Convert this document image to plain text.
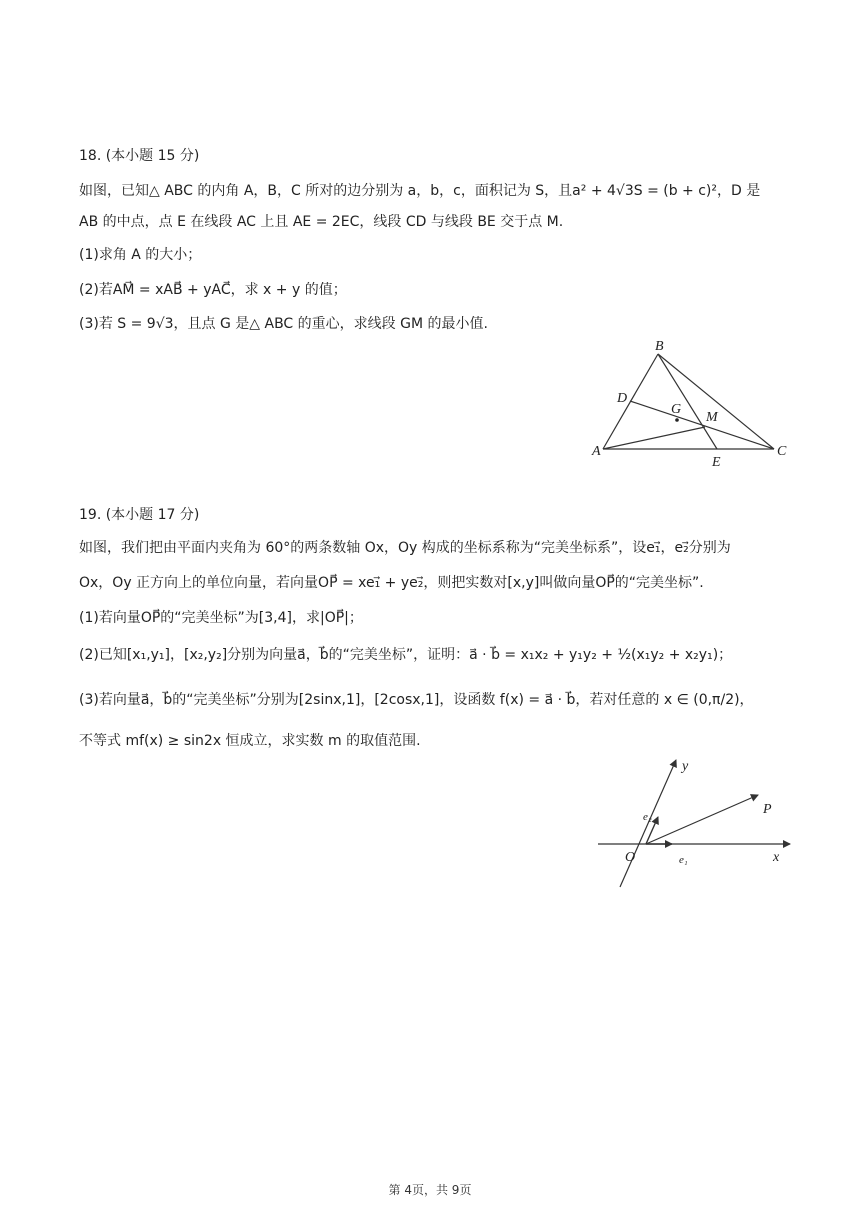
18. (本小题 15 分)
如图，已知△ ABC 的内角 A，B，C 所对的边分别为 a，b，c，面积记为 S，且a² + 4√3S = (b + c)²，D 是
AB 的中点，点 E 在线段 AC 上且 AE = 2EC，线段 CD 与线段 BE 交于点 M.
(1)求角 A 的大小；
(2)若AM⃗ = xAB⃗ + yAC⃗，求 x + y 的值；
(3)若 S = 9√3，且点 G 是△ ABC 的重心，求线段 GM 的最小值.
A
B
C
D
E
G
M
19. (本小题 17 分)
如图，我们把由平面内夹角为 60°的两条数轴 Ox，Oy 构成的坐标系称为“完美坐标系”，设e₁⃗，e₂⃗分别为
Ox，Oy 正方向上的单位向量，若向量OP⃗ = xe₁⃗ + ye₂⃗，则把实数对[x,y]叫做向量OP⃗的“完美坐标”.
(1)若向量OP⃗的“完美坐标”为[3,4]，求|OP⃗|；
(2)已知[x₁,y₁]，[x₂,y₂]分别为向量a⃗，b⃗的“完美坐标”，证明：a⃗ · b⃗ = x₁x₂ + y₁y₂ + ½(x₁y₂ + x₂y₁)；
(3)若向量a⃗，b⃗的“完美坐标”分别为[2sinx,1]，[2cosx,1]，设函数 f(x) = a⃗ · b⃗，若对任意的 x ∈ (0,π/2)，
不等式 mf(x) ≥ sin2x 恒成立，求实数 m 的取值范围.
y
P
O	x
e₁⃗
e₂⃗
第 4页，共 9页
